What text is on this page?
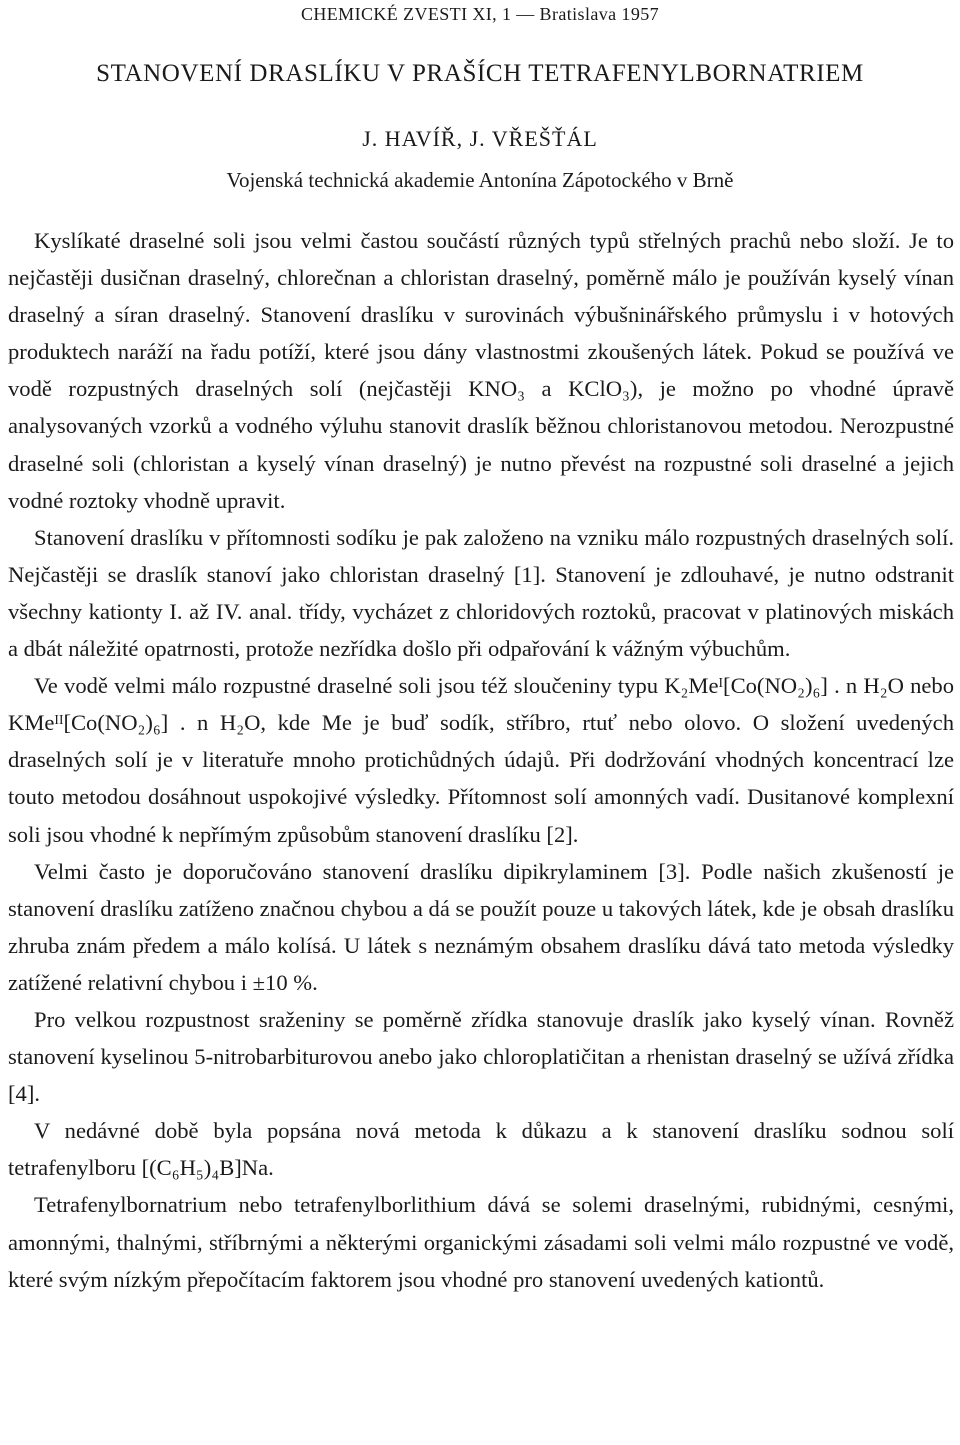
CHEMICKÉ ZVESTI XI, 1 — Bratislava 1957
STANOVENÍ DRASLÍKU V PRAŠÍCH TETRAFENYLBORNATRIEM
J. HAVÍŘ, J. VŘEŠŤÁL
Vojenská technická akademie Antonína Zápotockého v Brně

Kyslíkaté draselné soli jsou velmi častou součástí různých typů střelných prachů nebo složí. Je to nejčastěji dusičnan draselný, chlorečnan a chloristan draselný, poměrně málo je používán kyselý vínan draselný a síran draselný. Stanovení draslíku v surovinách výbušninářského průmyslu i v hotových produktech naráží na řadu potíží, které jsou dány vlastnostmi zkoušených látek. Pokud se používá ve vodě rozpustných draselných solí (nejčastěji KNO₃ a KClO₃), je možno po vhodné úpravě analysovaných vzorků a vodného výluhu stanovit draslík běžnou chloristanovou metodou. Nerozpustné draselné soli (chloristan a kyselý vínan draselný) je nutno převést na rozpustné soli draselné a jejich vodné roztoky vhodně upravit.

Stanovení draslíku v přítomnosti sodíku je pak založeno na vzniku málo rozpustných draselných solí. Nejčastěji se draslík stanoví jako chloristan draselný [1]. Stanovení je zdlouhavé, je nutno odstranit všechny kationty I. až IV. anal. třídy, vycházet z chloridových roztoků, pracovat v platinových miskách a dbát náležité opatrnosti, protože nezřídka došlo při odpařování k vážným výbuchům.

Ve vodě velmi málo rozpustné draselné soli jsou též sloučeniny typu K₂Meᴵ[Co(NO₂)₆] . n H₂O nebo KMeᴵᴵ[Co(NO₂)₆] . n H₂O, kde Me je buď sodík, stříbro, rtuť nebo olovo. O složení uvedených draselných solí je v literatuře mnoho protichůdných údajů. Při dodržování vhodných koncentrací lze touto metodou dosáhnout uspokojivé výsledky. Přítomnost solí amonných vadí. Dusitanové komplexní soli jsou vhodné k nepřímým způsobům stanovení draslíku [2].

Velmi často je doporučováno stanovení draslíku dipikrylaminem [3]. Podle našich zkušeností je stanovení draslíku zatíženo značnou chybou a dá se použít pouze u takových látek, kde je obsah draslíku zhruba znám předem a málo kolísá. U látek s neznámým obsahem draslíku dává tato metoda výsledky zatížené relativní chybou i ±10 %.

Pro velkou rozpustnost sraženiny se poměrně zřídka stanovuje draslík jako kyselý vínan. Rovněž stanovení kyselinou 5-nitrobarbiturovou anebo jako chloroplatičitan a rhenistan draselný se užívá zřídka [4].

V nedávné době byla popsána nová metoda k důkazu a k stanovení draslíku sodnou solí tetrafenylboru [(C₆H₅)₄B]Na.

Tetrafenylbornatrium nebo tetrafenylborlithium dává se solemi draselnými, rubidnými, cesnými, amonnými, thalnými, stříbrnými a některými organickými zásadami soli velmi málo rozpustné ve vodě, které svým nízkým přepočítacím faktorem jsou vhodné pro stanovení uvedených kationtů.
